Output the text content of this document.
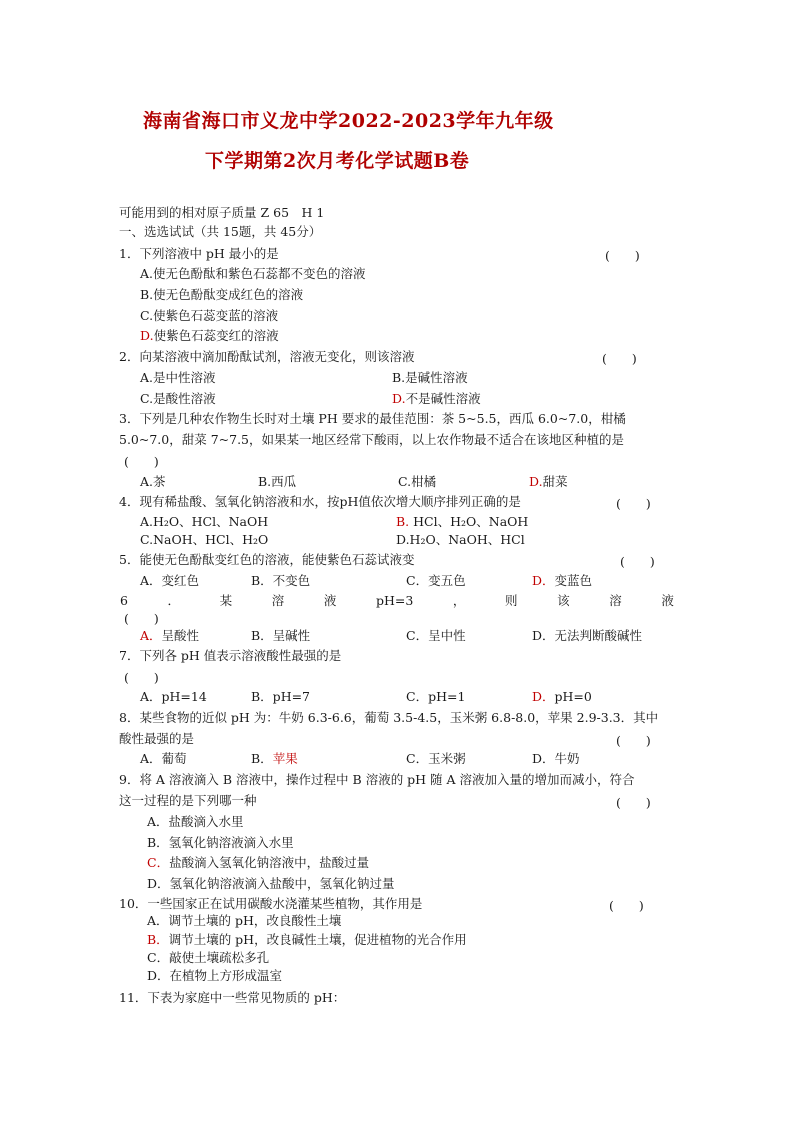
海南省海口市义龙中学2022-2023学年九年级
下学期第2次月考化学试题B卷
可能用到的相对原子质量 Z 65　H 1
一、选选试试（共 15题，共 45分）
1．下列溶液中 pH 最小的是	(　　)
A.使无色酚酞和紫色石蕊都不变色的溶液
B.使无色酚酞变成红色的溶液
C.使紫色石蕊变蓝的溶液
D.使紫色石蕊变红的溶液
2．向某溶液中滴加酚酞试剂，溶液无变化，则该溶液	(　　)
A.是中性溶液	B.是碱性溶液
C.是酸性溶液	D.不是碱性溶液
3．下列是几种农作物生长时对土壤 PH 要求的最佳范围：茶 5~5.5，西瓜 6.0~7.0，柑橘
5.0~7.0，甜菜 7~7.5，如果某一地区经常下酸雨，以上农作物最不适合在该地区种植的是
(　　)
A.茶	B.西瓜	C.柑橘	D.甜菜
4．现有稀盐酸、氢氧化钠溶液和水，按pH值依次增大顺序排列正确的是	(　　)
A.H₂O、HCl、NaOH	B. HCl、H₂O、NaOH
C.NaOH、HCl、H₂O	D.H₂O、NaOH、HCl
5．能使无色酚酞变红色的溶液，能使紫色石蕊试液变	(　　)
A．变红色	B．不变色	C．变五色	D．变蓝色
6	．	某	溶	液	pH=3	，	则	该	溶	液
(　　)
A．呈酸性	B．呈碱性	C．呈中性	D．无法判断酸碱性
7．下列各 pH 值表示溶液酸性最强的是
(　　)
A．pH=14	B．pH=7	C．pH=1	D．pH=0
8．某些食物的近似 pH 为：牛奶 6.3-6.6，葡萄 3.5-4.5，玉米粥 6.8-8.0，苹果 2.9-3.3．其中
酸性最强的是	(　　)
A．葡萄	B．苹果	C．玉米粥	D．牛奶
9．将 A 溶液滴入 B 溶液中，操作过程中 B 溶液的 pH 随 A 溶液加入量的增加而减小，符合
这一过程的是下列哪一种	(　　)
A．盐酸滴入水里
B．氢氧化钠溶液滴入水里
C．盐酸滴入氢氧化钠溶液中，盐酸过量
D．氢氧化钠溶液滴入盐酸中，氢氧化钠过量
10．一些国家正在试用碳酸水浇灌某些植物，其作用是	(　　)
A．调节土壤的 pH，改良酸性土壤
B．调节土壤的 pH，改良碱性土壤，促进植物的光合作用
C．敲使土壤疏松多孔
D．在植物上方形成温室
11．下表为家庭中一些常见物质的 pH：
